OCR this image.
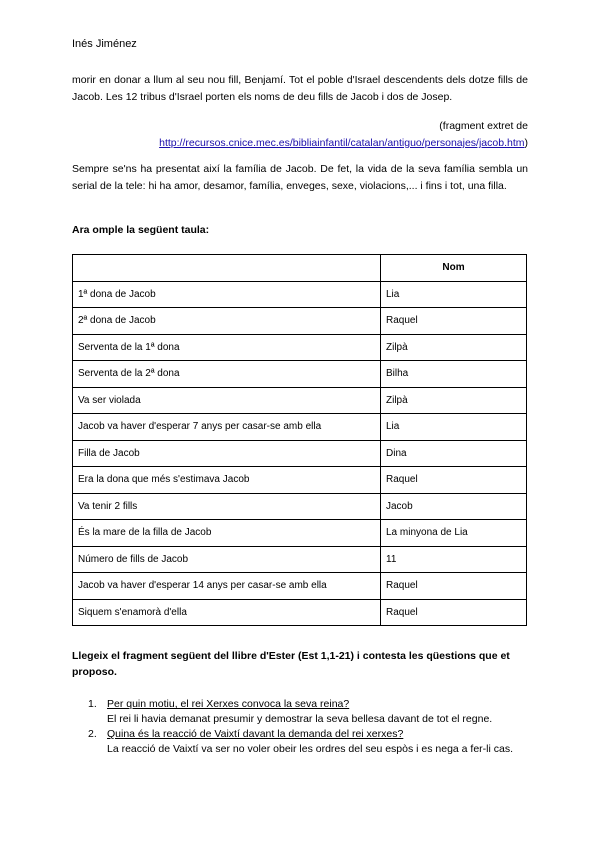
Inés Jiménez
morir en donar a llum al seu nou fill, Benjamí. Tot el poble d'Israel descendents dels dotze fills de Jacob. Les 12 tribus d'Israel porten els noms de deu fills de Jacob i dos de Josep.
(fragment extret de
http://recursos.cnice.mec.es/bibliainfantil/catalan/antiguo/personajes/jacob.htm)
Sempre se'ns ha presentat així la família de Jacob. De fet, la vida de la seva família sembla un serial de la tele: hi ha amor, desamor, família, enveges, sexe, violacions,... i fins i tot, una filla.
Ara omple la següent taula:
	Nom
1ª dona de Jacob	Lia
2ª dona de Jacob	Raquel
Serventa de la 1ª dona	Zilpà
Serventa de la 2ª dona	Bilha
Va ser violada	Zilpà
Jacob va haver d'esperar 7 anys per casar-se amb ella	Lia
Filla de Jacob	Dina
Era la dona que més s'estimava Jacob	Raquel
Va tenir 2 fills	Jacob
És la mare de la filla de Jacob	La minyona de Lia
Número de fills de Jacob	11
Jacob va haver d'esperar 14 anys per casar-se amb ella	Raquel
Siquem s'enamorà d'ella	Raquel
Llegeix el fragment següent del llibre d'Ester (Est 1,1-21) i contesta les qüestions que et proposo.
1. Per quin motiu, el rei Xerxes convoca la seva reina?
El rei li havia demanat presumir y demostrar la seva bellesa davant de tot el regne.
2. Quina és la reacció de Vaixtí davant la demanda del rei xerxes?
La reacció de Vaixtí va ser no voler obeir les ordres del seu espòs i es nega a fer-li cas.
